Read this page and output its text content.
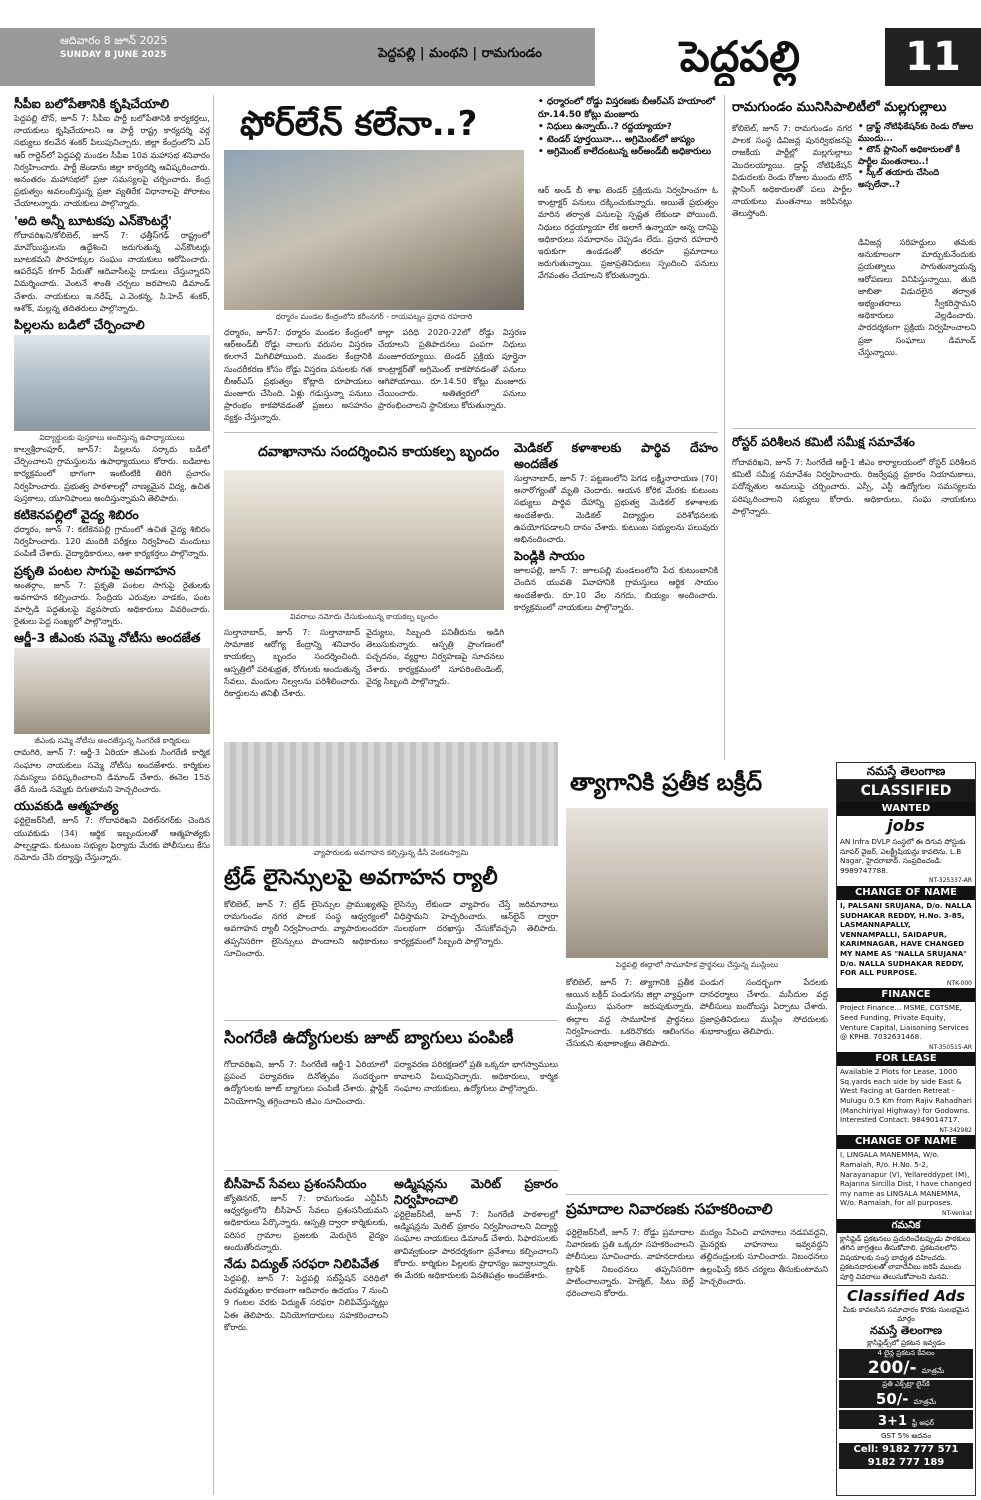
ఆదివారం 8 జూన్ 2025
SUNDAY 8 JUNE 2025	పెద్దపల్లి | మంథని | రామగుండం	పెద్దపల్లి	11
సీపీఐ బలోపేతానికి కృషిచేయాలి

పెద్దపల్లి టౌన్, జూన్ 7: సీపీఐ పార్టీ బలోపేతానికి కార్యకర్తలు, నాయకులు కృషిచేయాలని ఆ పార్టీ రాష్ట్ర కార్యదర్శి వర్గ సభ్యులు కలవేన శంకర్ పిలుపునిచ్చారు. జిల్లా కేంద్రంలోని ఎస్ ఆర్ గార్డెన్‌లో పెద్దపల్లి మండల సీపీఐ 10వ మహాసభ శనివారం నిర్వహించారు. పార్టీ జెండాను జిల్లా కార్యదర్శి ఆవిష్కరించారు. అనంతరం మహాసభలో ప్రజా సమస్యలపై చర్చించారు. కేంద్ర ప్రభుత్వం అవలంబిస్తున్న ప్రజా వ్యతిరేక విధానాలపై పోరాటం చేయాలన్నారు. నాయకులు పాల్గొన్నారు.

'అది అన్నీ బూటకపు ఎన్‌కౌంటర్లే'

గోదావరిఖని/కోలిబెల్, జూన్ 7: ఛత్తీస్‌గఢ్ రాష్ట్రంలో మావోయిస్టులను ఉద్దేశించి జరుగుతున్న ఎన్‌కౌంటర్లు బూటకమని పౌరహక్కుల సంఘం నాయకులు ఆరోపించారు. ఆపరేషన్ కగార్ పేరుతో ఆదివాసీలపై దాడులు చేస్తున్నారని విమర్శించారు. వెంటనే శాంతి చర్చలు జరపాలని డిమాండ్ చేశారు. నాయకులు ఇ.నరేష్, ఎ.వెంకన్న, సి.హెచ్ శంకర్, ఆశోక్, మల్లన్న తదితరులు పాల్గొన్నారు.

పిల్లలను బడిలో చేర్పించాలి
విద్యార్థులకు పుస్తకాలు అందిస్తున్న ఉపాధ్యాయులు

కాల్వశ్రీరాంపూర్, జూన్7: పిల్లలను సర్కారు బడిలో చేర్పించాలని గ్రామస్తులను ఉపాధ్యాయులు కోరారు. బడిబాట కార్యక్రమంలో భాగంగా ఇంటింటికి తిరిగి ప్రచారం నిర్వహించారు. ప్రభుత్వ పాఠశాలల్లో నాణ్యమైన విద్య, ఉచిత పుస్తకాలు, యూనిఫాంలు అందిస్తున్నామని తెలిపారు.

కటికెనపల్లిలో వైద్య శిబిరం

ధర్మారం, జూన్ 7: కటికెనపల్లి గ్రామంలో ఉచిత వైద్య శిబిరం నిర్వహించారు. 120 మందికి పరీక్షలు నిర్వహించి మందులు పంపిణీ చేశారు. వైద్యాధికారులు, ఆశా కార్యకర్తలు పాల్గొన్నారు.

ప్రకృతి పంటల సాగుపై అవగాహన

అంతర్గాం, జూన్ 7: ప్రకృతి పంటల సాగుపై రైతులకు అవగాహన కల్పించారు. సేంద్రియ ఎరువుల వాడకం, పంట మార్పిడి పద్ధతులపై వ్యవసాయ అధికారులు వివరించారు. రైతులు పెద్ద సంఖ్యలో పాల్గొన్నారు.

ఆర్జీ-3 జీఎంకు సమ్మె నోటీసు అందజేత
జీఎంకు సమ్మె నోటీసు అందజేస్తున్న సింగరేణి కార్మికులు

రామగిరి, జూన్ 7: ఆర్జీ-3 ఏరియా జీఎంకు సింగరేణి కార్మిక సంఘాల నాయకులు సమ్మె నోటీసు అందజేశారు. కార్మికుల సమస్యలు పరిష్కరించాలని డిమాండ్ చేశారు. ఈనెల 15వ తేదీ నుండి సమ్మెకు దిగుతామని హెచ్చరించారు.

యువకుడి ఆత్మహత్య

ఫర్టిలైజర్‌సిటీ, జూన్ 7: గోదావరిఖని విఠల్‌నగర్‌కు చెందిన యువకుడు (34) ఆర్థిక ఇబ్బందులతో ఆత్మహత్యకు పాల్పడ్డాడు. కుటుంబ సభ్యుల ఫిర్యాదు మేరకు పోలీసులు కేసు నమోదు చేసి దర్యాప్తు చేస్తున్నారు.

ఫోర్‌లేన్ కలేనా..?
• ధర్మారంలో రోడ్డు విస్తరణకు బీఆర్ఎస్ హయాంలో రూ.14.50 కోట్లు మంజూరు
• నిధులు ఉన్నాయ్..? రద్దయ్యాయా?
• టెండర్ పూర్తయినా... అగ్రిమెంట్‌లో జాప్యం
• అగ్రిమెంట్ కాలేదంటున్న ఆర్అండ్‌బీ అధికారులు
ధర్మారం మండల కేంద్రంలోని కరీంనగర్ - రాయపట్నం ప్రధాన రహదారి
ధర్మారం, జూన్7: ధర్మారం మండల కేంద్రంలో ఆర్అండ్‌బీ రోడ్డు నాలుగు వరుసల విస్తరణ కలగానే మిగిలిపోయింది. మండల కేంద్రానికి సుందరీకరణ కోసం రోడ్డు విస్తరణ పనులకు గత బీఆర్ఎస్ ప్రభుత్వం కోట్లాది రూపాయలు మంజూరు చేసింది. ఏళ్లు గడుస్తున్నా పనులు ప్రారంభం కాకపోవడంతో ప్రజలు అసహనం వ్యక్తం చేస్తున్నారు.
కాల్లా పరిధి 2020-22లో రోడ్డు విస్తరణ చేయాలని ప్రతిపాదనలు పంపగా నిధులు మంజూరయ్యాయి. టెండర్ ప్రక్రియ పూర్తైనా కాంట్రాక్టర్‌తో అగ్రిమెంట్ కాకపోవడంతో పనులు ఆగిపోయాయి. రూ.14.50 కోట్లు మంజూరు చేయించారు. అతిత్వరలో పనులు ప్రారంభించాలని స్థానికులు కోరుతున్నారు.
ఆర్ అండ్ బీ శాఖ టెండర్ ప్రక్రియను నిర్వహించగా ఓ కాంట్రాక్టర్ పనులు దక్కించుకున్నారు. అయితే ప్రభుత్వం మారిన తర్వాత పనులపై స్పష్టత లేకుండా పోయింది. నిధులు రద్దయ్యాయా లేక అలాగే ఉన్నాయా అన్న దానిపై అధికారులు సమాధానం చెప్పడం లేదు. ప్రధాన రహదారి ఇరుకుగా ఉండడంతో తరచూ ప్రమాదాలు జరుగుతున్నాయి. ప్రజాప్రతినిధులు స్పందించి పనులు వేగవంతం చేయాలని కోరుతున్నారు.
దవాఖానాను సందర్శించిన కాయకల్ప బృందం
వివరాలు నమోదు చేసుకుంటున్న కాయకల్ప బృందం
సుల్తానాబాద్, జూన్ 7: సుల్తానాబాద్ సామాజిక ఆరోగ్య కేంద్రాన్ని శనివారం కాయకల్ప బృందం సందర్శించింది. ఆస్పత్రిలో పరిశుభ్రత, రోగులకు అందుతున్న సేవలు, మందుల నిల్వలను పరిశీలించారు. రికార్డులను తనిఖీ చేశారు.
వైద్యులు, సిబ్బంది పనితీరును అడిగి తెలుసుకున్నారు. ఆస్పత్రి ప్రాంగణంలో పచ్చదనం, వ్యర్థాల నిర్వహణపై సూచనలు చేశారు. కార్యక్రమంలో సూపరింటెండెంట్, వైద్య సిబ్బంది పాల్గొన్నారు.
మెడికల్ కళాశాలకు పార్థివ దేహం అందజేత

సుల్తానాబాద్, జూన్ 7: పట్టణంలోని పెగడ లక్ష్మీనారాయణ (70) అనారోగ్యంతో మృతి చెందారు. ఆయన కోరిక మేరకు కుటుంబ సభ్యులు పార్థివ దేహాన్ని ప్రభుత్వ మెడికల్ కళాశాలకు అందజేశారు. మెడికల్ విద్యార్థుల పరిశోధనలకు ఉపయోగపడాలని దానం చేశారు. కుటుంబ సభ్యులను పలువురు అభినందించారు.

పెండ్లికి సాయం

జూలపల్లి, జూన్ 7: జూలపల్లి మండలంలోని పేద కుటుంబానికి చెందిన యువతి వివాహానికి గ్రామస్తులు ఆర్థిక సాయం అందజేశారు. రూ.10 వేల నగదు, బియ్యం అందించారు. కార్యక్రమంలో నాయకులు పాల్గొన్నారు.

రామగుండం మునిసిపాలిటీలో మల్లగుల్లాలు
కోలిబెల్, జూన్ 7: రామగుండం నగర పాలక సంస్థ డివిజన్ల పునర్విభజనపై రాజకీయ పార్టీల్లో మల్లగుల్లాలు మొదలయ్యాయి. డ్రాఫ్ట్ నోటిఫికేషన్ విడుదలకు రెండు రోజుల ముందు టౌన్ ప్లానింగ్ అధికారులతో పలు పార్టీల నాయకులు మంతనాలు జరిపినట్లు తెలుస్తోంది.
• డ్రాఫ్ట్ నోటిఫికేషన్‌కు రెండు రోజుల ముందు...
• టౌన్ ప్లానింగ్ అధికారులతో కీ పార్టీల మంతనాలు..!
• స్కీల్ తయారు చేసింది అస్సలేనా..?
డివిజన్ల సరిహద్దులు తమకు అనుకూలంగా మార్చుకునేందుకు ప్రయత్నాలు సాగుతున్నాయన్న ఆరోపణలు వినిపిస్తున్నాయి. తుది జాబితా విడుదలైన తర్వాత అభ్యంతరాలు స్వీకరిస్తామని అధికారులు వెల్లడించారు. పారదర్శకంగా ప్రక్రియ నిర్వహించాలని ప్రజా సంఘాలు డిమాండ్ చేస్తున్నాయి.
రోస్టర్ పరిశీలన కమిటీ సమీక్ష సమావేశం
గోదావరిఖని, జూన్ 7: సింగరేణి ఆర్జీ-1 జీఎం కార్యాలయంలో రోస్టర్ పరిశీలన కమిటీ సమీక్ష సమావేశం నిర్వహించారు. రిజర్వేషన్ల ప్రకారం నియామకాలు, పదోన్నతుల అమలుపై చర్చించారు. ఎస్సీ, ఎస్టీ ఉద్యోగుల సమస్యలను పరిష్కరించాలని సభ్యులు కోరారు. అధికారులు, సంఘ నాయకులు పాల్గొన్నారు.
వ్యాపారులకు అవగాహన కల్పిస్తున్న డీసీ వెంకటస్వామి
ట్రేడ్ లైసెన్సులపై అవగాహన ర్యాలీ
కోలిబెల్, జూన్ 7: ట్రేడ్ లైసెన్సుల ప్రాముఖ్యతపై రామగుండం నగర పాలక సంస్థ ఆధ్వర్యంలో అవగాహన ర్యాలీ నిర్వహించారు. వ్యాపారులందరూ తప్పనిసరిగా లైసెన్సులు పొందాలని అధికారులు సూచించారు.
లైసెన్సు లేకుండా వ్యాపారం చేస్తే జరిమానాలు విధిస్తామని హెచ్చరించారు. ఆన్‌లైన్ ద్వారా సులభంగా దరఖాస్తు చేసుకోవచ్చని తెలిపారు. కార్యక్రమంలో సిబ్బంది పాల్గొన్నారు.
సింగరేణి ఉద్యోగులకు జూట్ బ్యాగులు పంపిణీ
గోదావరిఖని, జూన్ 7: సింగరేణి ఆర్జీ-1 ఏరియాలో ప్రపంచ పర్యావరణ దినోత్సవం సందర్భంగా ఉద్యోగులకు జూట్ బ్యాగులు పంపిణీ చేశారు. ప్లాస్టిక్ వినియోగాన్ని తగ్గించాలని జీఎం సూచించారు.
పర్యావరణ పరిరక్షణలో ప్రతి ఒక్కరూ భాగస్వాములు కావాలని పిలుపునిచ్చారు. అధికారులు, కార్మిక సంఘాల నాయకులు, ఉద్యోగులు పాల్గొన్నారు.
బీసీహెచ్ సేవలు ప్రశంసనీయం

జ్యోతినగర్, జూన్ 7: రామగుండం ఎన్టీపీసీ ఆధ్వర్యంలోని బీసీహెచ్ సేవలు ప్రశంసనీయమని అధికారులు పేర్కొన్నారు. ఆస్పత్రి ద్వారా కార్మికులకు, పరిసర గ్రామాల ప్రజలకు మెరుగైన వైద్యం అందుతోందన్నారు.

నేడు విద్యుత్ సరఫరా నిలిపివేత

పెద్దపల్లి, జూన్ 7: పెద్దపల్లి సబ్‌స్టేషన్ పరిధిలో మరమ్మతుల కారణంగా ఆదివారం ఉదయం 7 నుంచి 9 గంటల వరకు విద్యుత్ సరఫరా నిలిపివేస్తున్నట్లు ఏఈ తెలిపారు. వినియోగదారులు సహకరించాలని కోరారు.

అడ్మిషన్లను మెరిట్ ప్రకారం నిర్వహించాలి

ఫర్టిలైజర్‌సిటీ, జూన్ 7: సింగరేణి పాఠశాలల్లో అడ్మిషన్లను మెరిట్ ప్రకారం నిర్వహించాలని విద్యార్థి సంఘాల నాయకులు డిమాండ్ చేశారు. సిఫారసులకు తావివ్వకుండా పారదర్శకంగా ప్రవేశాలు కల్పించాలని కోరారు. కార్మికుల పిల్లలకు ప్రాధాన్యం ఇవ్వాలన్నారు. ఈ మేరకు అధికారులకు వినతిపత్రం అందజేశారు.

త్యాగానికి ప్రతీక బక్రీద్
పెద్దపల్లి ఈద్గాలో సామూహిక ప్రార్థనలు చేస్తున్న ముస్లింలు
కోలిబెల్, జూన్ 7: త్యాగానికి ప్రతీక అయిన బక్రీద్ పండుగను జిల్లా వ్యాప్తంగా ముస్లింలు ఘనంగా జరుపుకున్నారు. ఈద్గాల వద్ద సామూహిక ప్రార్థనలు నిర్వహించారు. ఒకరినొకరు ఆలింగనం చేసుకుని శుభాకాంక్షలు తెలిపారు.
పండుగ సందర్భంగా పేదలకు దానధర్మాలు చేశారు. మసీదుల వద్ద పోలీసులు బందోబస్తు ఏర్పాటు చేశారు. ప్రజాప్రతినిధులు ముస్లిం సోదరులకు శుభాకాంక్షలు తెలిపారు.
ప్రమాదాల నివారణకు సహకరించాలి
ఫర్టిలైజర్‌సిటీ, జూన్ 7: రోడ్డు ప్రమాదాల నివారణకు ప్రతి ఒక్కరూ సహకరించాలని పోలీసులు సూచించారు. వాహనదారులు ట్రాఫిక్ నిబంధనలు తప్పనిసరిగా పాటించాలన్నారు. హెల్మెట్, సీటు బెల్ట్ ధరించాలని కోరారు.
మద్యం సేవించి వాహనాలు నడపవద్దని, మైనర్లకు వాహనాలు ఇవ్వవద్దని తల్లిదండ్రులకు సూచించారు. నిబంధనలు ఉల్లంఘిస్తే కఠిన చర్యలు తీసుకుంటామని హెచ్చరించారు.
నమస్తే తెలంగాణ
CLASSIFIED
WANTED
jobs
AN Infra DVLP సంస్థలో ఈ దిగువ పోస్టుకు సూపర్ వైజర్, ఎలక్ట్రీషియన్లు కావలెను. L.B Nagar, హైదరాబాద్. సంప్రదించండి: 9989747788.
NT-325337-AR
CHANGE OF NAME
I, PALSANI SRUJANA, D/o. NALLA SUDHAKAR REDDY, H.No. 3-85, LASMANNAPALLY, VENNAMPALLI, SAIDAPUR, KARIMNAGAR, HAVE CHANGED MY NAME AS "NALLA SRUJANA" D/o. NALLA SUDHAKAR REDDY, FOR ALL PURPOSE.
NTK-000
FINANCE
Project Finance... MSME, CGTSME, Seed Funding, Private Equity, Venture Capital, Liaisoning Services @ KPHB. 7032631468.
NT-350515-AR
FOR LEASE
Available 2 Plots for Lease, 1000 Sq.yards each side by side East & West Facing at Garden Retreat - Mulugu 0.5 Km from Rajiv Rahadhari (Manchiriyal Highway) for Godowns. Interested Contact: 9849014717.
NT-342982
CHANGE OF NAME
I, LINGALA MANEMMA, W/o. Ramaiah, R/o. H.No. 5-2, Narayanapur (V), Yellareddypet (M), Rajanna Sircilla Dist, I have changed my name as LINGALA MANEMMA, W/o. Ramaiah, for all purposes.
NT-Venkat
గమనిక
క్లాసిఫైడ్ ప్రకటనలు ప్రచురించేటప్పుడు పాఠకులు తగిన జాగ్రత్తలు తీసుకోవాలి. ప్రకటనలలోని విషయాలకు సంస్థ బాధ్యత వహించదు. ప్రకటనదారులతో లావాదేవీలు జరిపే ముందు పూర్తి వివరాలు తెలుసుకోవాలని మనవి.
Classified Ads
మీకు కావలసిన సమాచారం కొరకు సులభమైన మార్గం
నమస్తే తెలంగాణ
క్లాసిఫైడ్స్‌లో ప్రకటన ఇవ్వడం
4 లైన్ల ప్రకటన కేవలం
200/- మాత్రమే
ప్రతి ఎక్స్‌ట్రా లైన్‌కి
50/- మాత్రమే
3+1 ఫ్రీ ఆఫర్
GST 5% అదనం
Cell: 9182 777 571
9182 777 189
